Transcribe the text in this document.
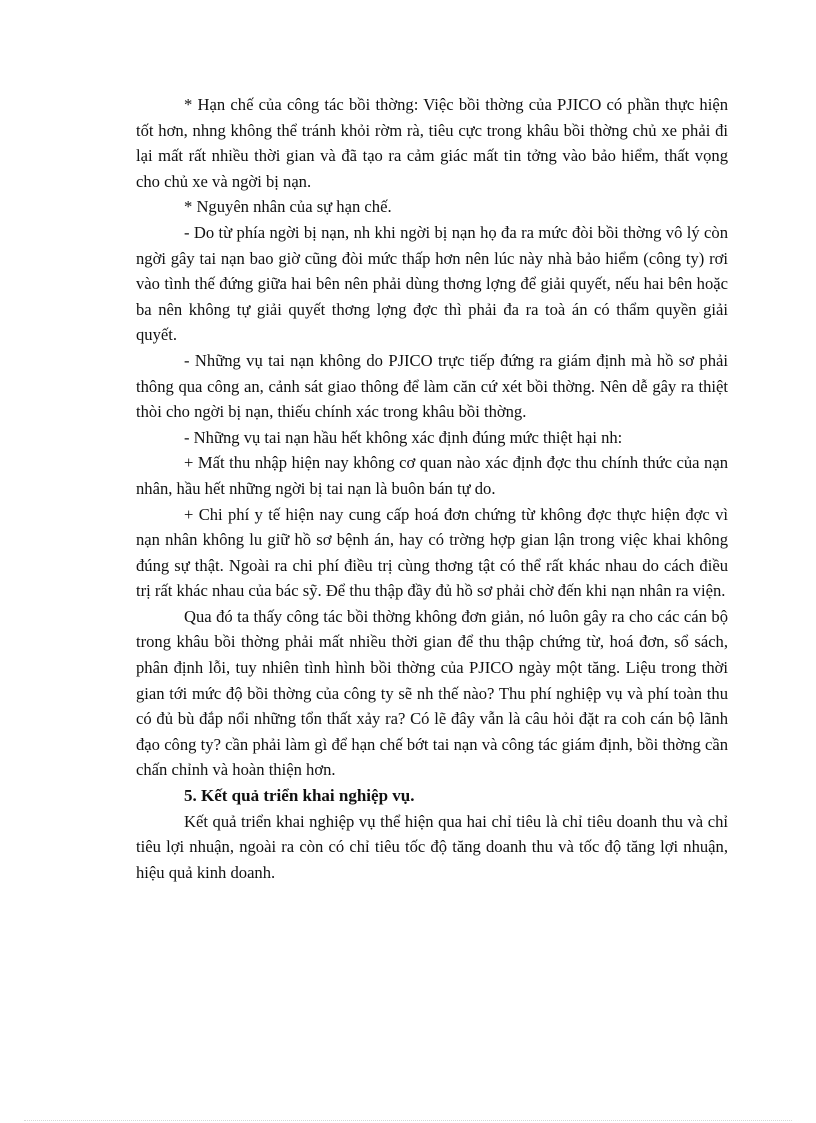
* Hạn chế của công tác bồi thờng: Việc bồi thờng của PJICO có phần thực hiện tốt hơn, nhng không thể tránh khỏi rờm rà, tiêu cực trong khâu bồi thờng chủ xe phải đi lại mất rất nhiều thời gian và đã tạo ra cảm giác mất tin tởng vào bảo hiểm, thất vọng cho chủ xe và ngời bị nạn.

* Nguyên nhân của sự hạn chế.

- Do từ phía ngời bị nạn, nh khi ngời bị nạn họ đa ra mức đòi bồi thờng vô lý còn ngời gây tai nạn bao giờ cũng đòi mức thấp hơn nên lúc này nhà bảo hiểm (công ty) rơi vào tình thế đứng giữa hai bên nên phải dùng thơng lợng để giải quyết, nếu hai bên hoặc ba nên không tự giải quyết thơng lợng đợc thì phải đa ra toà án có thẩm quyền giải quyết.

- Những vụ tai nạn không do PJICO trực tiếp đứng ra giám định mà hồ sơ phải thông qua công an, cảnh sát giao thông để làm căn cứ xét bồi thờng. Nên dễ gây ra thiệt thòi cho ngời bị nạn, thiếu chính xác trong khâu bồi thờng.

- Những vụ tai nạn hầu hết không xác định đúng mức thiệt hại nh:

+ Mất thu nhập hiện nay không cơ quan nào xác định đợc thu chính thức của nạn nhân, hầu hết những ngời bị tai nạn là buôn bán tự do.

+ Chi phí y tế hiện nay cung cấp hoá đơn chứng từ không đợc thực hiện đợc vì nạn nhân không lu giữ hồ sơ bệnh án, hay có trờng hợp gian lận trong việc khai không đúng sự thật. Ngoài ra chi phí điều trị cùng thơng tật có thể rất khác nhau do cách điều trị rất khác nhau của bác sỹ. Để thu thập đầy đủ hồ sơ phải chờ đến khi nạn nhân ra viện.

Qua đó ta thấy công tác bồi thờng không đơn giản, nó luôn gây ra cho các cán bộ trong khâu bồi thờng phải mất nhiều thời gian để thu thập chứng từ, hoá đơn, sổ sách, phân định lỗi, tuy nhiên tình hình bồi thờng của PJICO ngày một tăng. Liệu trong thời gian tới mức độ bồi thờng của công ty sẽ nh thế nào? Thu phí nghiệp vụ và phí toàn thu có đủ bù đắp nổi những tổn thất xảy ra? Có lẽ đây vẫn là câu hỏi đặt ra coh cán bộ lãnh đạo công ty? cần phải làm gì để hạn chế bớt tai nạn và công tác giám định, bồi thờng cần chấn chỉnh và hoàn thiện hơn.

5. Kết quả triển khai nghiệp vụ.

Kết quả triển khai nghiệp vụ thể hiện qua hai chỉ tiêu là chỉ tiêu doanh thu và chỉ tiêu lợi nhuận, ngoài ra còn có chỉ tiêu tốc độ tăng doanh thu và tốc độ tăng lợi nhuận, hiệu quả kinh doanh.
